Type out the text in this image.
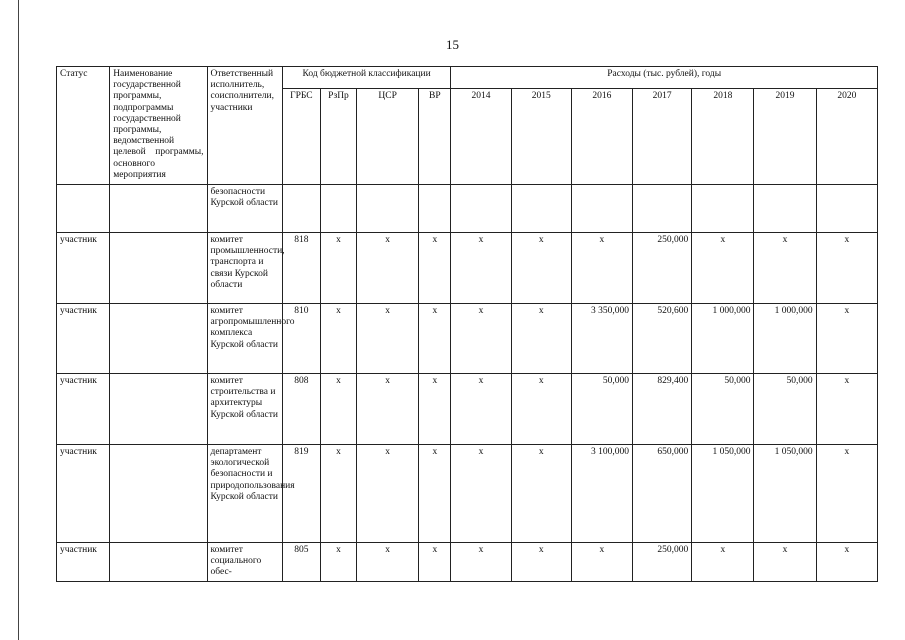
15
Статус	Наименование государственной программы, подпрограммы государственной программы, ведомственной целевой программы, основного мероприятия	Ответственный исполнитель, соисполнители, участники	Код бюджетной классификации				Расходы (тыс. рублей), годы						
			ГРБС	РзПр	ЦСР	ВР	2014	2015	2016	2017	2018	2019	2020
		безопасности Курской области											
участник		комитет промышленности, транспорта и связи Курской области	818	х	х	х	х	х	х	250,000	х	х	х
участник		комитет агропромышленного комплекса Курской области	810	х	х	х	х	х	3 350,000	520,600	1 000,000	1 000,000	х
участник		комитет строительства и архитектуры Курской области	808	х	х	х	х	х	50,000	829,400	50,000	50,000	х
участник		департамент экологической безопасности и природопользования Курской области	819	х	х	х	х	х	3 100,000	650,000	1 050,000	1 050,000	х
участник		комитет социального обес-	805	х	х	х	х	х	х	250,000	х	х	х
